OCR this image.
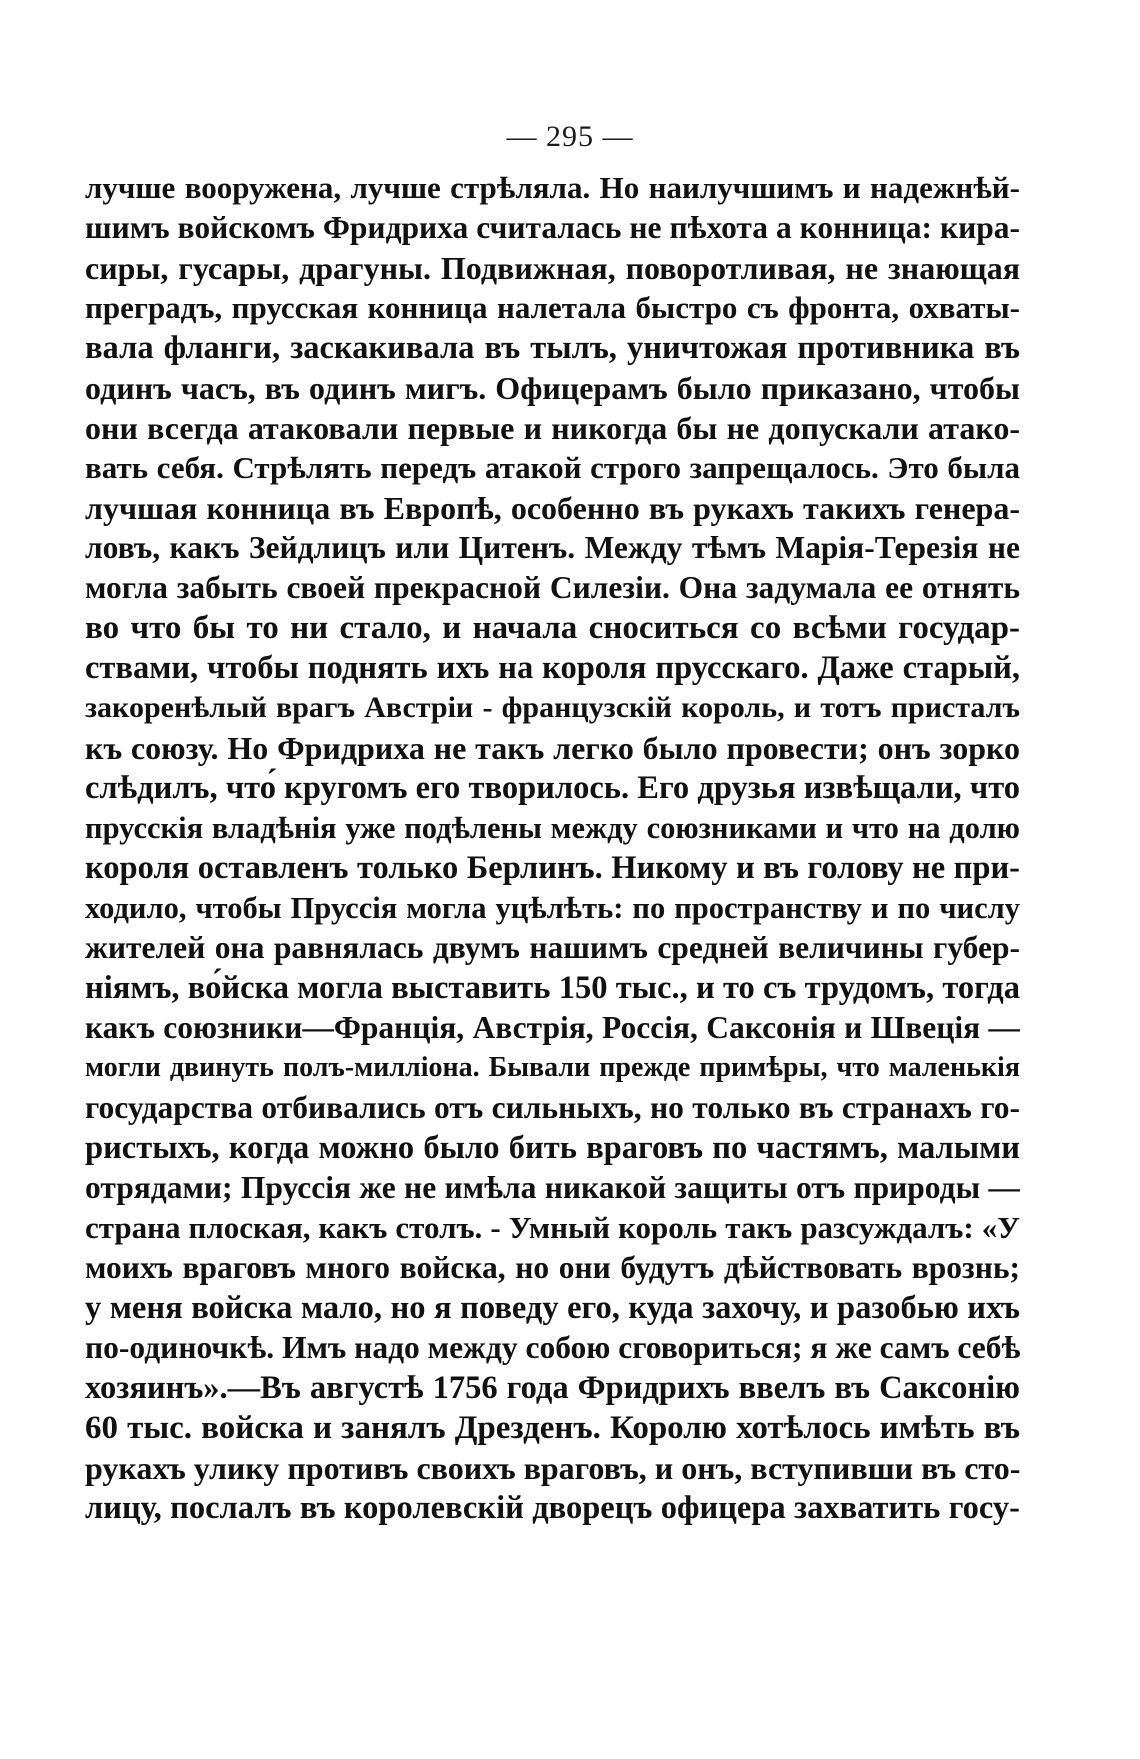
— 295 —
лучше вооружена, лучше стрѣляла. Но наилучшимъ и надежнѣй-
шимъ войскомъ Фридриха считалась не пѣхота а конница: кира-
сиры, гусары, драгуны. Подвижная, поворотливая, не знающая
преградъ, прусская конница налетала быстро съ фронта, охваты-
вала фланги, заскакивала въ тылъ, уничтожая противника въ
одинъ часъ, въ одинъ мигъ. Офицерамъ было приказано, чтобы
они всегда атаковали первые и никогда бы не допускали атако-
вать себя. Стрѣлять передъ атакой строго запрещалось. Это была
лучшая конница въ Европѣ, особенно въ рукахъ такихъ генера-
ловъ, какъ Зейдлицъ или Цитенъ. Между тѣмъ Марія-Терезія не
могла забыть своей прекрасной Силезіи. Она задумала ее отнять
во что бы то ни стало, и начала сноситься со всѣми государ-
ствами, чтобы поднять ихъ на короля прусскаго. Даже старый,
закоренѣлый врагъ Австріи - французскій король, и тотъ присталъ
къ союзу. Но Фридриха не такъ легко было провести; онъ зорко
слѣдилъ, что́ кругомъ его творилось. Его друзья извѣщали, что
прусскія владѣнія уже подѣлены между союзниками и что на долю
короля оставленъ только Берлинъ. Никому и въ голову не при-
ходило, чтобы Пруссія могла уцѣлѣть: по пространству и по числу
жителей она равнялась двумъ нашимъ средней величины губер-
ніямъ, во́йска могла выставить 150 тыс., и то съ трудомъ, тогда
какъ союзники—Франція, Австрія, Россія, Саксонія и Швеція —
могли двинуть полъ-милліона. Бывали прежде примѣры, что маленькія
государства отбивались отъ сильныхъ, но только въ странахъ го-
ристыхъ, когда можно было бить враговъ по частямъ, малыми
отрядами; Пруссія же не имѣла никакой защиты отъ природы —
страна плоская, какъ столъ. - Умный король такъ разсуждалъ: «У
моихъ враговъ много войска, но они будутъ дѣйствовать врознь;
у меня войска мало, но я поведу его, куда захочу, и разобью ихъ
по-одиночкѣ. Имъ надо между собою сговориться; я же самъ себѣ
хозяинъ».—Въ августѣ 1756 года Фридрихъ ввелъ въ Саксонію
60 тыс. войска и занялъ Дрезденъ. Королю хотѣлось имѣть въ
рукахъ улику противъ своихъ враговъ, и онъ, вступивши въ сто-
лицу, послалъ въ королевскій дворецъ офицера захватить госу-
